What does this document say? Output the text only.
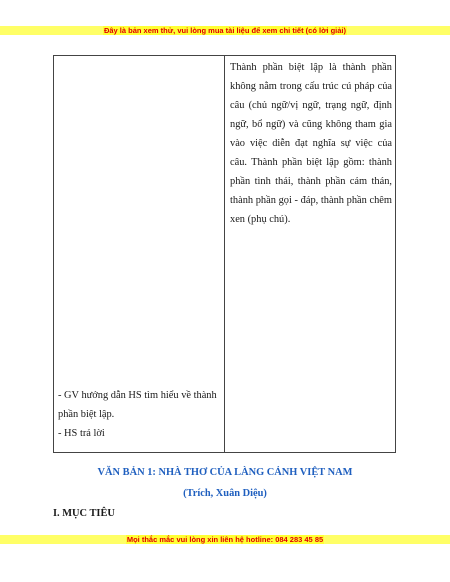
Đây là bản xem thử, vui lòng mua tài liệu để xem chi tiết (có lời giải)
Thành phần biệt lập là thành phần không nằm trong cấu trúc cú pháp của câu (chủ ngữ/vị ngữ, trạng ngữ, định ngữ, bổ ngữ) và cũng không tham gia vào việc diễn đạt nghĩa sự việc của câu. Thành phần biệt lập gồm: thành phần tình thái, thành phần cảm thán, thành phần gọi - đáp, thành phần chêm xen (phụ chú).

- GV hướng dẫn HS tìm hiểu về thành phần biệt lập.

- HS trả lời

VĂN BẢN 1: NHÀ THƠ CỦA LÀNG CẢNH VIỆT NAM
(Trích, Xuân Diệu)
I. MỤC TIÊU
Mọi thắc mắc vui lòng xin liên hệ hotline: 084 283 45 85
